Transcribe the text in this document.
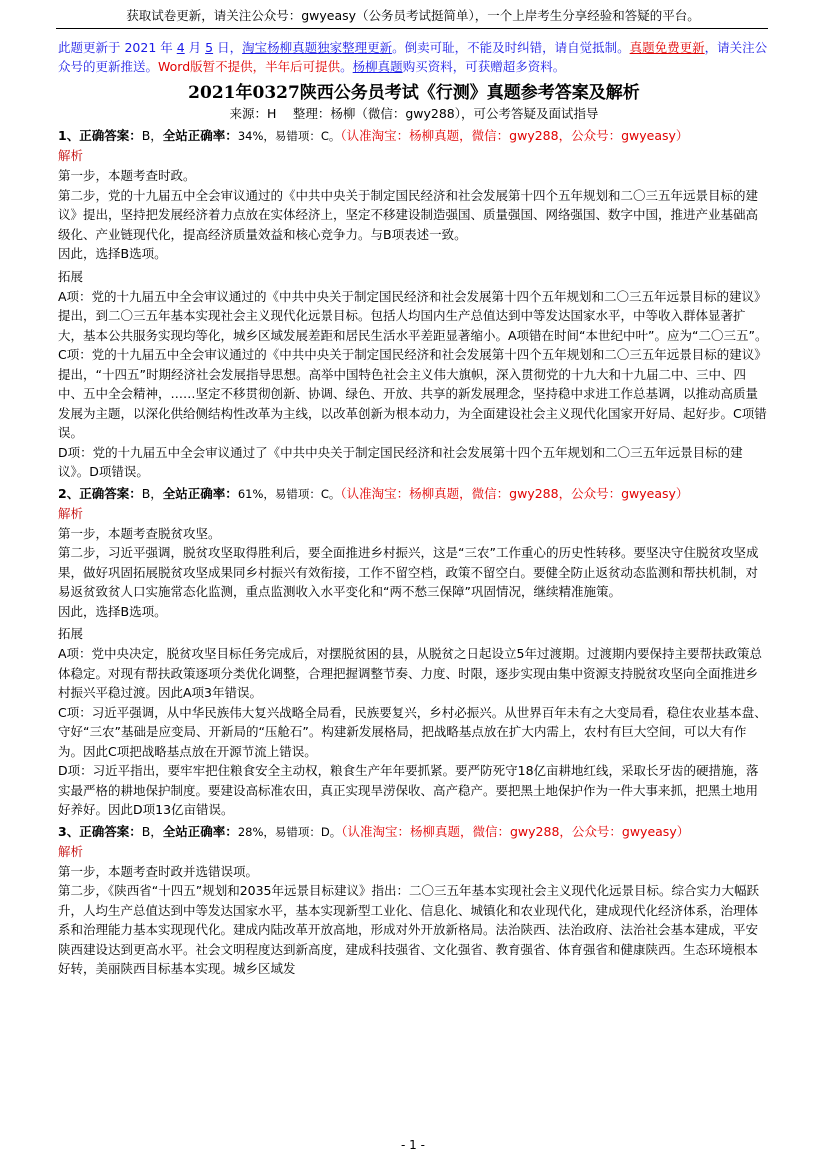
获取试卷更新，请关注公众号：gwyeasy（公务员考试挺简单），一个上岸考生分享经验和答疑的平台。

此题更新于 2021 年 4 月 5 日，淘宝杨柳真题独家整理更新。倒卖可耻，不能及时纠错，请自觉抵制。真题免费更新，请关注公众号的更新推送。Word版暂不提供，半年后可提供。杨柳真题购买资料，可获赠超多资料。

2021年0327陕西公务员考试《行测》真题参考答案及解析
来源：H　 整理：杨柳（微信：gwy288），可公考答疑及面试指导

1、正确答案：B，全站正确率：34%，易错项：C。（认准淘宝：杨柳真题，微信：gwy288，公众号：gwyeasy）

解析

第一步，本题考查时政。

第二步，党的十九届五中全会审议通过的《中共中央关于制定国民经济和社会发展第十四个五年规划和二〇三五年远景目标的建议》提出，坚持把发展经济着力点放在实体经济上，坚定不移建设制造强国、质量强国、网络强国、数字中国，推进产业基础高级化、产业链现代化，提高经济质量效益和核心竞争力。与B项表述一致。

因此，选择B选项。

拓展

A项：党的十九届五中全会审议通过的《中共中央关于制定国民经济和社会发展第十四个五年规划和二〇三五年远景目标的建议》提出，到二〇三五年基本实现社会主义现代化远景目标。包括人均国内生产总值达到中等发达国家水平，中等收入群体显著扩大，基本公共服务实现均等化，城乡区域发展差距和居民生活水平差距显著缩小。A项错在时间“本世纪中叶”。应为“二〇三五”。

C项：党的十九届五中全会审议通过的《中共中央关于制定国民经济和社会发展第十四个五年规划和二〇三五年远景目标的建议》提出，“十四五”时期经济社会发展指导思想。高举中国特色社会主义伟大旗帜，深入贯彻党的十九大和十九届二中、三中、四中、五中全会精神，……坚定不移贯彻创新、协调、绿色、开放、共享的新发展理念，坚持稳中求进工作总基调，以推动高质量发展为主题，以深化供给侧结构性改革为主线，以改革创新为根本动力，为全面建设社会主义现代化国家开好局、起好步。C项错误。

D项：党的十九届五中全会审议通过了《中共中央关于制定国民经济和社会发展第十四个五年规划和二〇三五年远景目标的建议》。D项错误。

2、正确答案：B，全站正确率：61%，易错项：C。（认准淘宝：杨柳真题，微信：gwy288，公众号：gwyeasy）

解析

第一步，本题考查脱贫攻坚。

第二步，习近平强调，脱贫攻坚取得胜利后，要全面推进乡村振兴，这是“三农”工作重心的历史性转移。要坚决守住脱贫攻坚成果，做好巩固拓展脱贫攻坚成果同乡村振兴有效衔接，工作不留空档，政策不留空白。要健全防止返贫动态监测和帮扶机制，对易返贫致贫人口实施常态化监测，重点监测收入水平变化和“两不愁三保障”巩固情况，继续精准施策。

因此，选择B选项。

拓展

A项：党中央决定，脱贫攻坚目标任务完成后，对摆脱贫困的县，从脱贫之日起设立5年过渡期。过渡期内要保持主要帮扶政策总体稳定。对现有帮扶政策逐项分类优化调整，合理把握调整节奏、力度、时限，逐步实现由集中资源支持脱贫攻坚向全面推进乡村振兴平稳过渡。因此A项3年错误。

C项：习近平强调，从中华民族伟大复兴战略全局看，民族要复兴，乡村必振兴。从世界百年未有之大变局看，稳住农业基本盘、守好“三农”基础是应变局、开新局的“压舱石”。构建新发展格局，把战略基点放在扩大内需上，农村有巨大空间，可以大有作为。因此C项把战略基点放在开源节流上错误。

D项：习近平指出，要牢牢把住粮食安全主动权，粮食生产年年要抓紧。要严防死守18亿亩耕地红线，采取长牙齿的硬措施，落实最严格的耕地保护制度。要建设高标准农田，真正实现旱涝保收、高产稳产。要把黑土地保护作为一件大事来抓，把黑土地用好养好。因此D项13亿亩错误。

3、正确答案：B，全站正确率：28%，易错项：D。（认准淘宝：杨柳真题，微信：gwy288，公众号：gwyeasy）

解析

第一步，本题考查时政并选错误项。

第二步，《陕西省“十四五”规划和2035年远景目标建议》指出：二〇三五年基本实现社会主义现代化远景目标。综合实力大幅跃升，人均生产总值达到中等发达国家水平，基本实现新型工业化、信息化、城镇化和农业现代化，建成现代化经济体系，治理体系和治理能力基本实现现代化。建成内陆改革开放高地，形成对外开放新格局。法治陕西、法治政府、法治社会基本建成，平安陕西建设达到更高水平。社会文明程度达到新高度，建成科技强省、文化强省、教育强省、体育强省和健康陕西。生态环境根本好转，美丽陕西目标基本实现。城乡区域发

- 1 -
